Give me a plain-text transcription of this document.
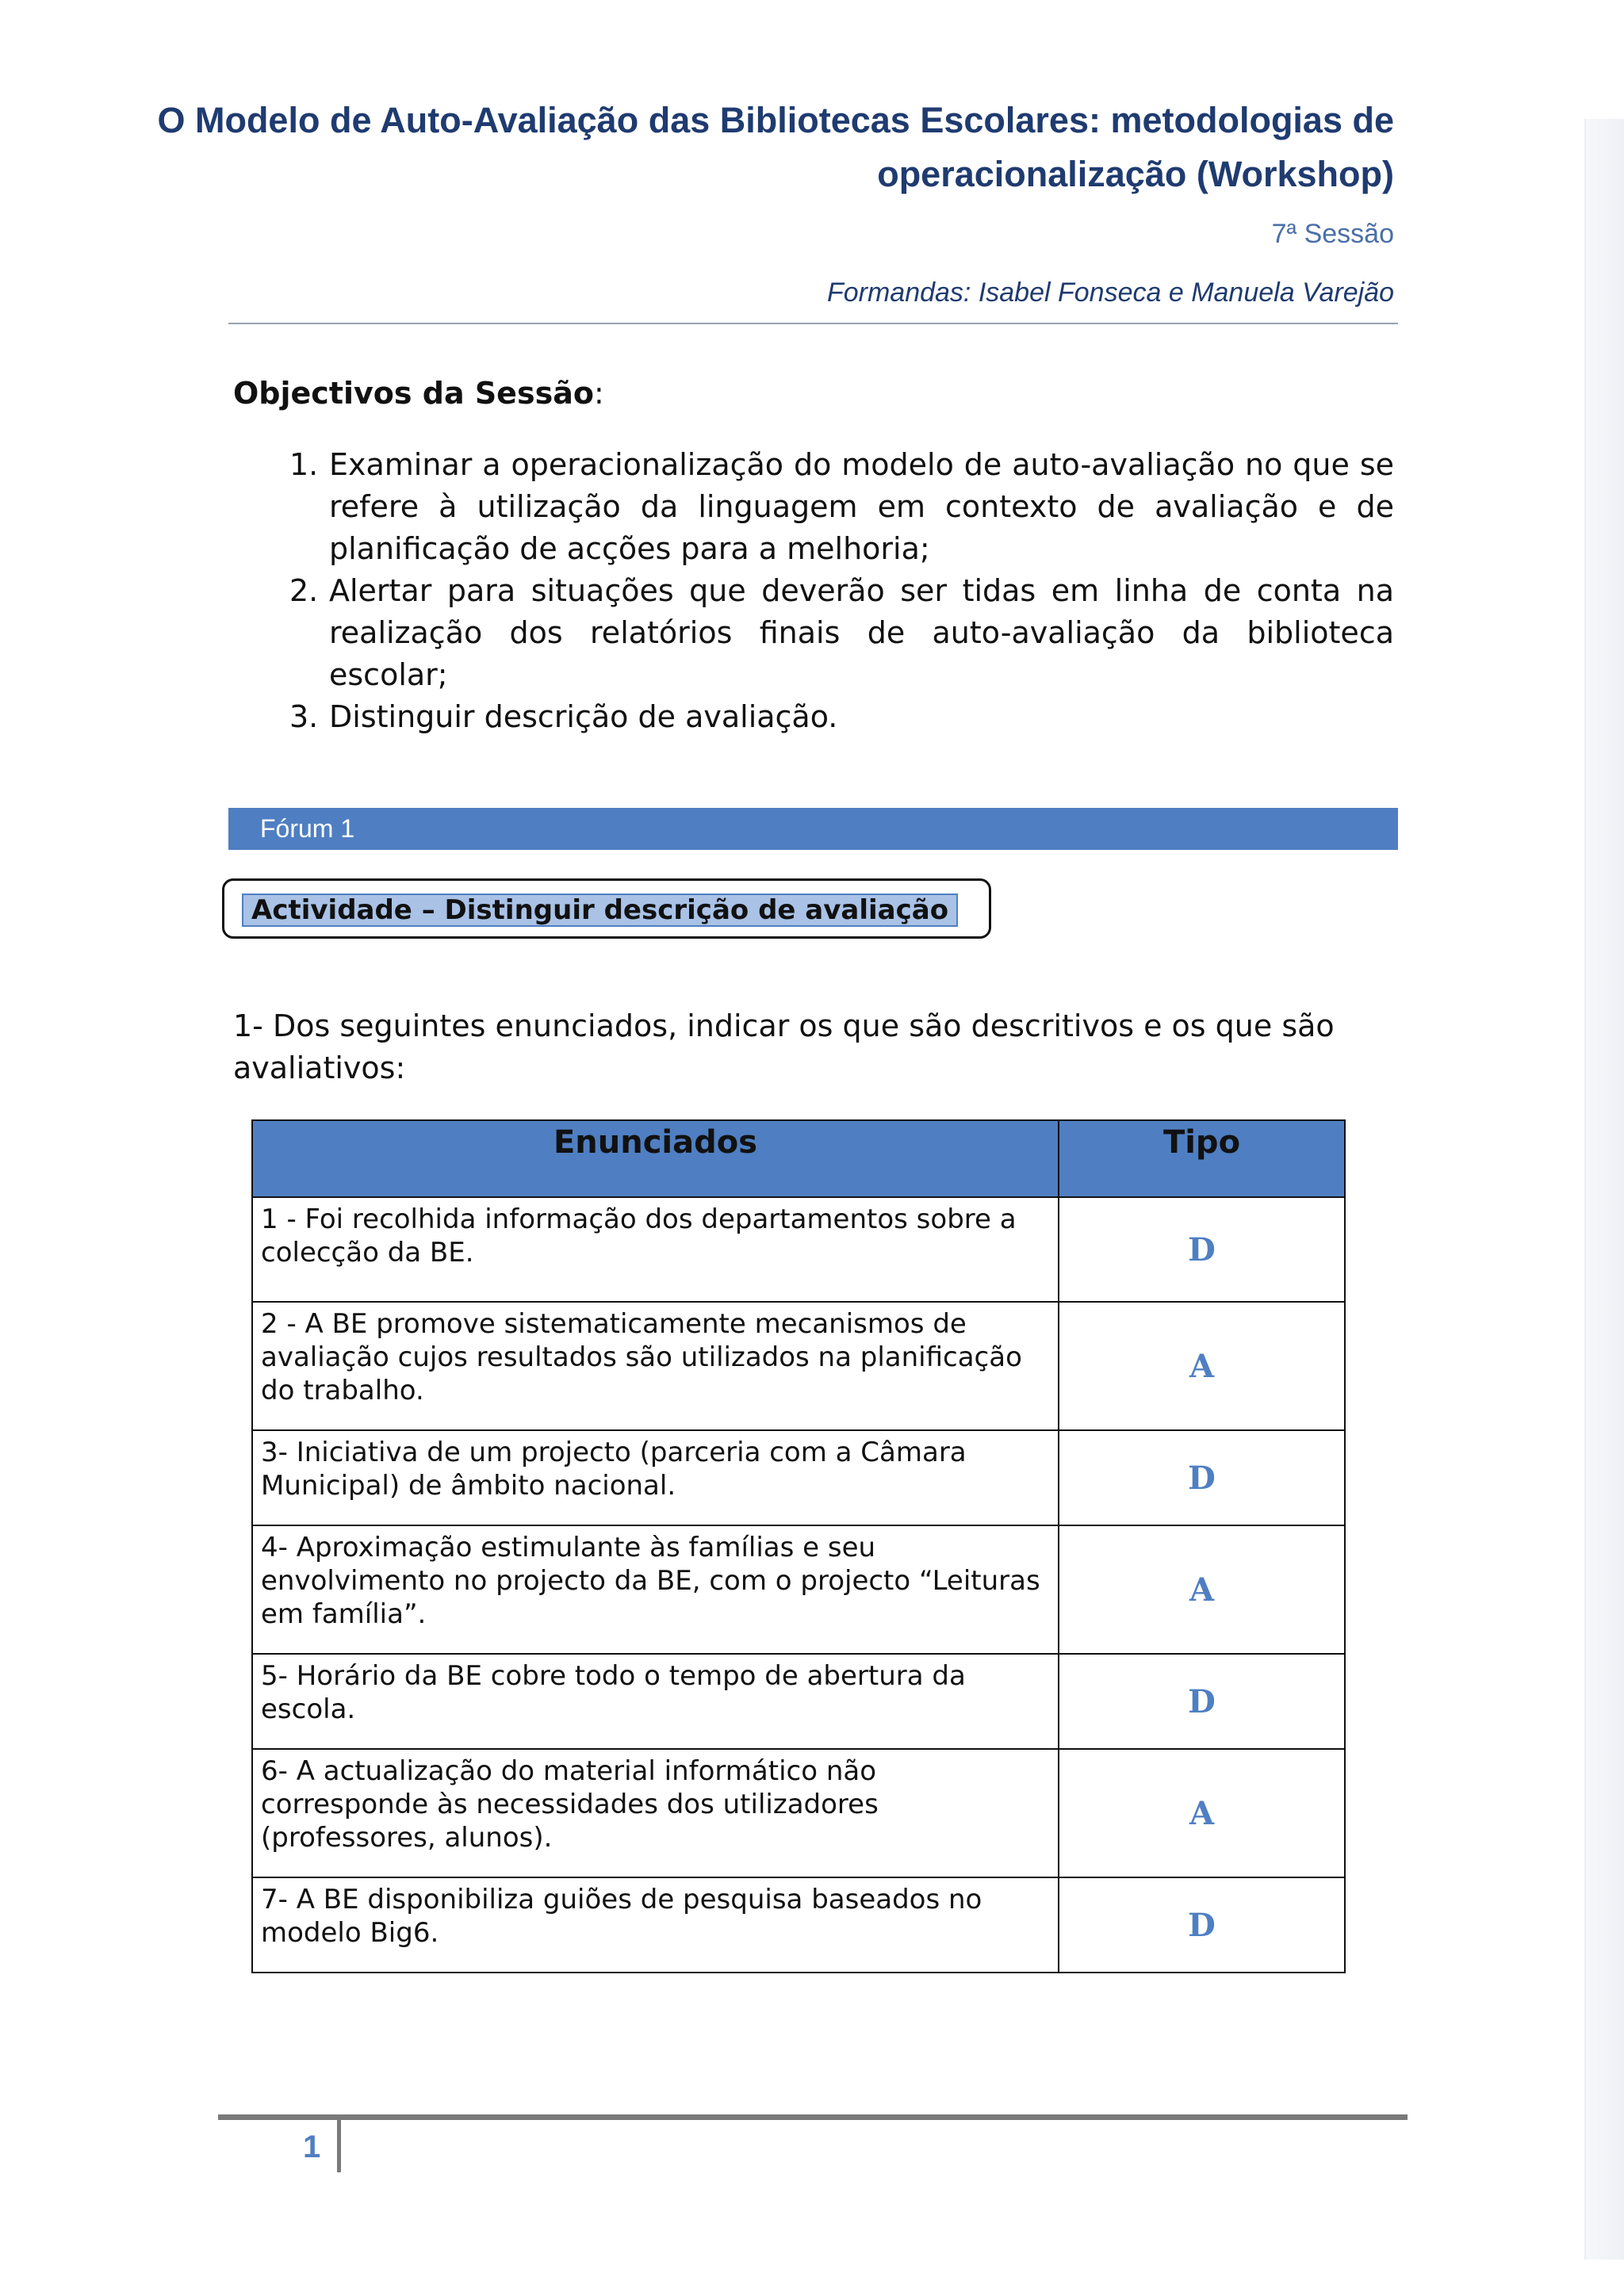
O Modelo de Auto-Avaliação das Bibliotecas Escolares: metodologias de operacionalização (Workshop)
7ª Sessão
Formandas: Isabel Fonseca e Manuela Varejão
Objectivos da Sessão:
1. Examinar a operacionalização do modelo de auto-avaliação no que se refere à utilização da linguagem em contexto de avaliação e de planificação de acções para a melhoria;
2. Alertar para situações que deverão ser tidas em linha de conta na realização dos relatórios finais de auto-avaliação da biblioteca escolar;
3. Distinguir descrição de avaliação.
Fórum 1
Actividade – Distinguir descrição de avaliação
1- Dos seguintes enunciados, indicar os que são descritivos e os que são avaliativos:
Enunciados	Tipo
1 - Foi recolhida informação dos departamentos sobre a colecção da BE.	D
2 - A BE promove sistematicamente mecanismos de avaliação cujos resultados são utilizados na planificação do trabalho.	A
3- Iniciativa de um projecto (parceria com a Câmara Municipal) de âmbito nacional.	D
4- Aproximação estimulante às famílias e seu envolvimento no projecto da BE, com o projecto “Leituras em família”.	A
5- Horário da BE cobre todo o tempo de abertura da escola.	D
6- A actualização do material informático não corresponde às necessidades dos utilizadores (professores, alunos).	A
7- A BE disponibiliza guiões de pesquisa baseados no modelo Big6.	D
1
